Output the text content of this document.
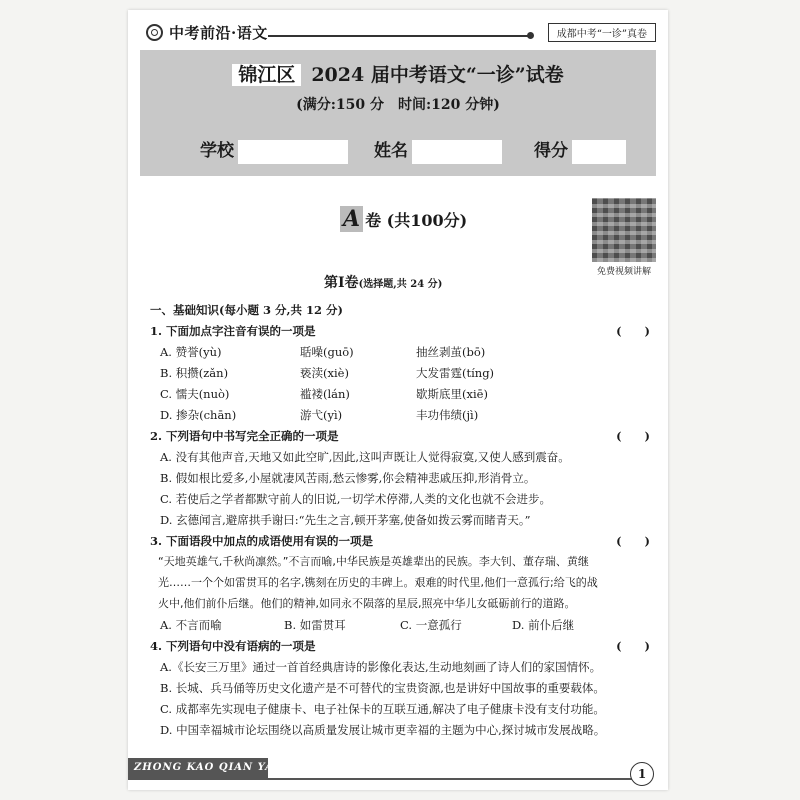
中考前沿·语文	成都中考“一诊”真卷
锦江区 2024 届中考语文“一诊”试卷
(满分:150 分　时间:120 分钟)
学校	姓名	得分
A 卷 (共100分)
免费视频讲解
第Ⅰ卷(选择题,共 24 分)
一、基础知识(每小题 3 分,共 12 分)
1. 下面加点字注音有误的一项是	(　　)
A. 赞誉(yù)	聒噪(guō)	抽丝剥茧(bō)
B. 积攒(zǎn)	亵渎(xiè)	大发雷霆(tíng)
C. 懦夫(nuò)	褴褛(lán)	歇斯底里(xiē)
D. 掺杂(chān)	游弋(yì)	丰功伟绩(jì)
2. 下列语句中书写完全正确的一项是	(　　)
A. 没有其他声音,天地又如此空旷,因此,这叫声既让人觉得寂寞,又使人感到震奋。
B. 假如根比爱多,小屋就凄风苦雨,愁云惨雾,你会精神悲戚压抑,形消骨立。
C. 若使后之学者都默守前人的旧说,一切学术停滞,人类的文化也就不会进步。
D. 玄德闻言,避席拱手谢曰:“先生之言,顿开茅塞,使备如拨云雾而睹青天。”
3. 下面语段中加点的成语使用有误的一项是	(　　)
“天地英雄气,千秋尚凛然。”不言而喻,中华民族是英雄辈出的民族。李大钊、董存瑞、黄继
光……一个个如雷贯耳的名字,镌刻在历史的丰碑上。艰难的时代里,他们一意孤行;给飞的战
火中,他们前仆后继。他们的精神,如同永不陨落的星辰,照亮中华儿女砥砺前行的道路。
A. 不言而喻	B. 如雷贯耳	C. 一意孤行	D. 前仆后继
4. 下列语句中没有语病的一项是	(　　)
A.《长安三万里》通过一首首经典唐诗的影像化表达,生动地刻画了诗人们的家国情怀。
B. 长城、兵马俑等历史文化遗产是不可替代的宝贵资源,也是讲好中国故事的重要载体。
C. 成都率先实现电子健康卡、电子社保卡的互联互通,解决了电子健康卡没有支付功能。
D. 中国幸福城市论坛围绕以高质量发展让城市更幸福的主题为中心,探讨城市发展战略。
ZHONG KAO QIAN YAN	1
